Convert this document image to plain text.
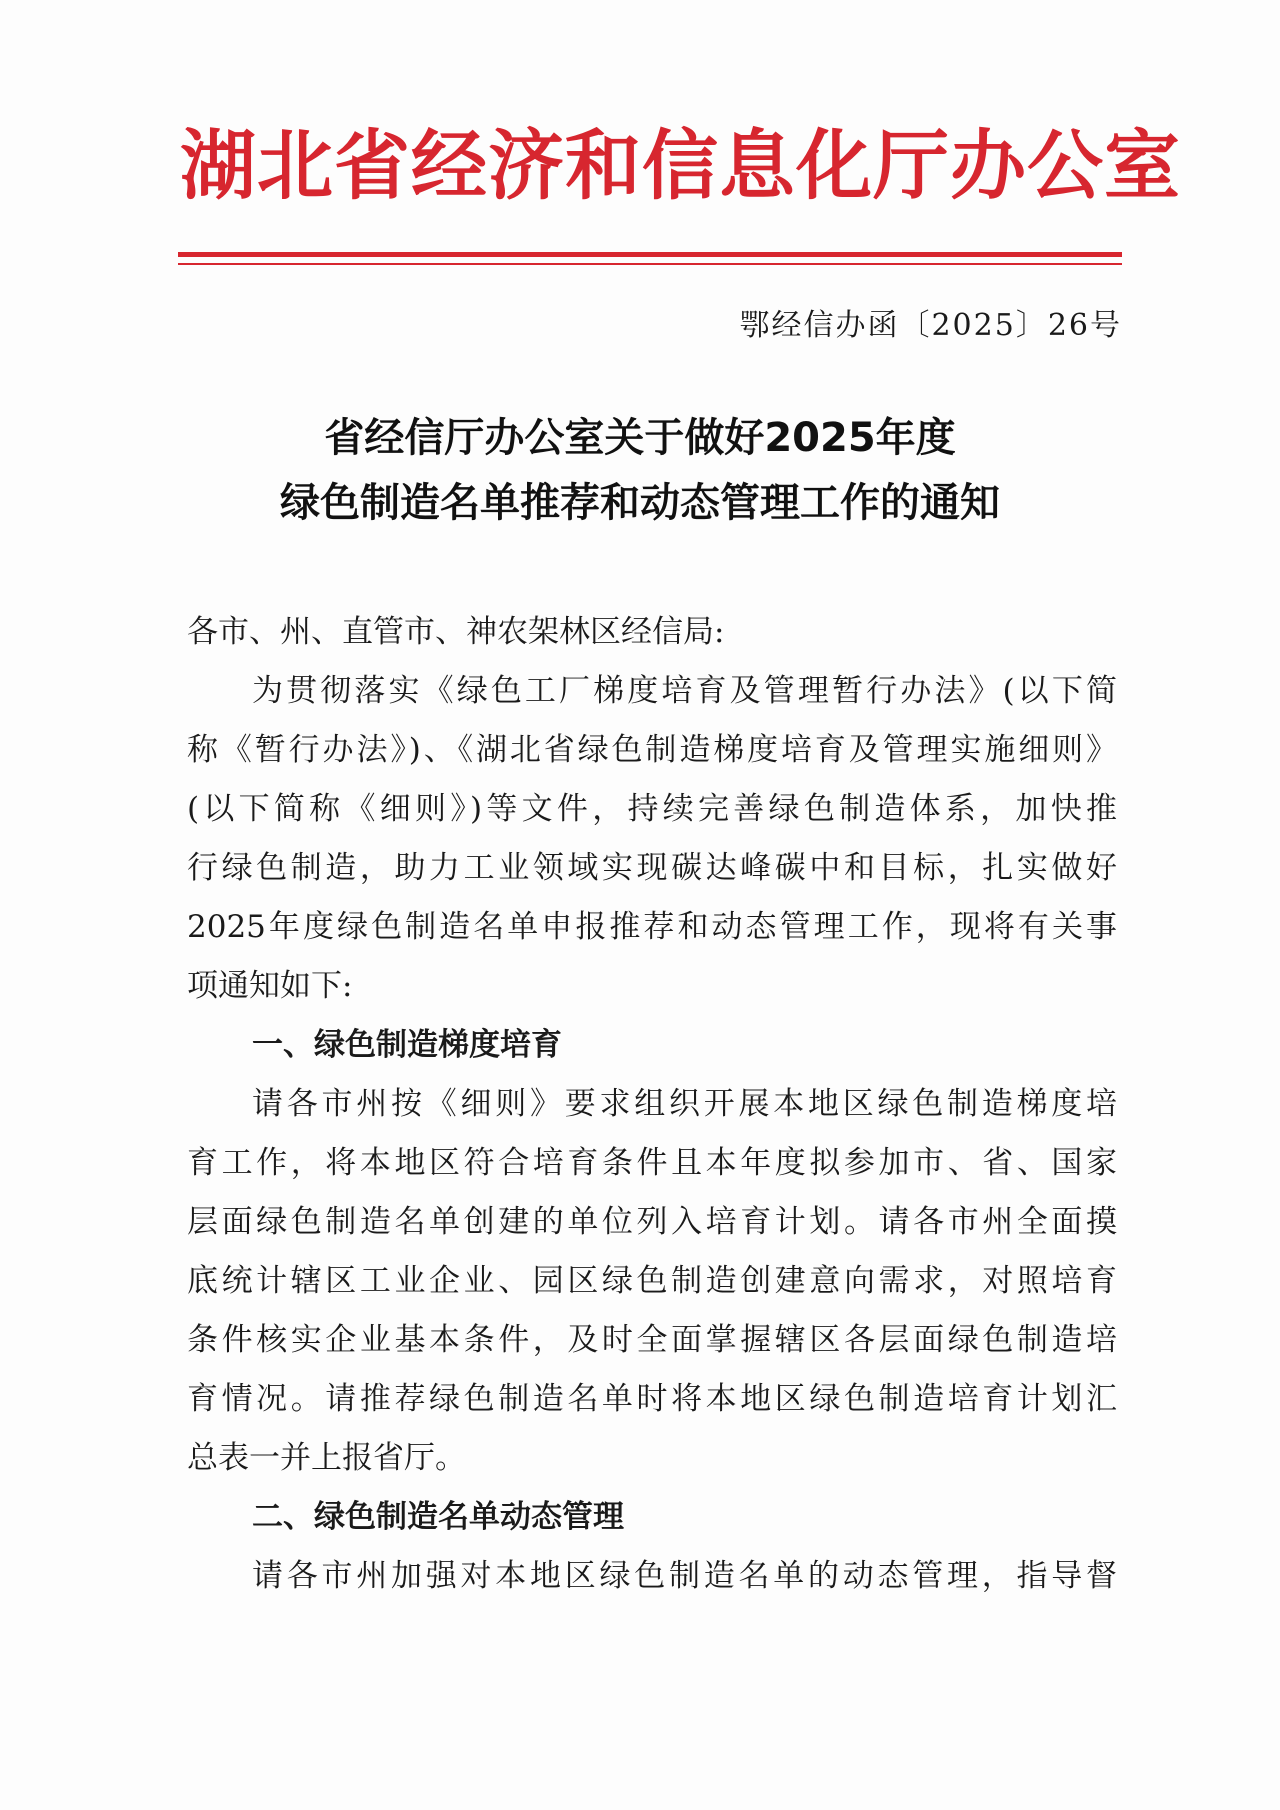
湖北省经济和信息化厅办公室
鄂经信办函〔2025〕26号
省经信厅办公室关于做好2025年度
绿色制造名单推荐和动态管理工作的通知
各市、州、直管市、神农架林区经信局:
为贯彻落实《绿色工厂梯度培育及管理暂行办法》(以下简
称《暂行办法》)、《湖北省绿色制造梯度培育及管理实施细则》
(以下简称《细则》)等文件，持续完善绿色制造体系，加快推
行绿色制造，助力工业领域实现碳达峰碳中和目标，扎实做好
2025年度绿色制造名单申报推荐和动态管理工作，现将有关事
项通知如下:
一、绿色制造梯度培育
请各市州按《细则》要求组织开展本地区绿色制造梯度培
育工作，将本地区符合培育条件且本年度拟参加市、省、国家
层面绿色制造名单创建的单位列入培育计划。请各市州全面摸
底统计辖区工业企业、园区绿色制造创建意向需求，对照培育
条件核实企业基本条件，及时全面掌握辖区各层面绿色制造培
育情况。请推荐绿色制造名单时将本地区绿色制造培育计划汇
总表一并上报省厅。
二、绿色制造名单动态管理
请各市州加强对本地区绿色制造名单的动态管理，指导督
